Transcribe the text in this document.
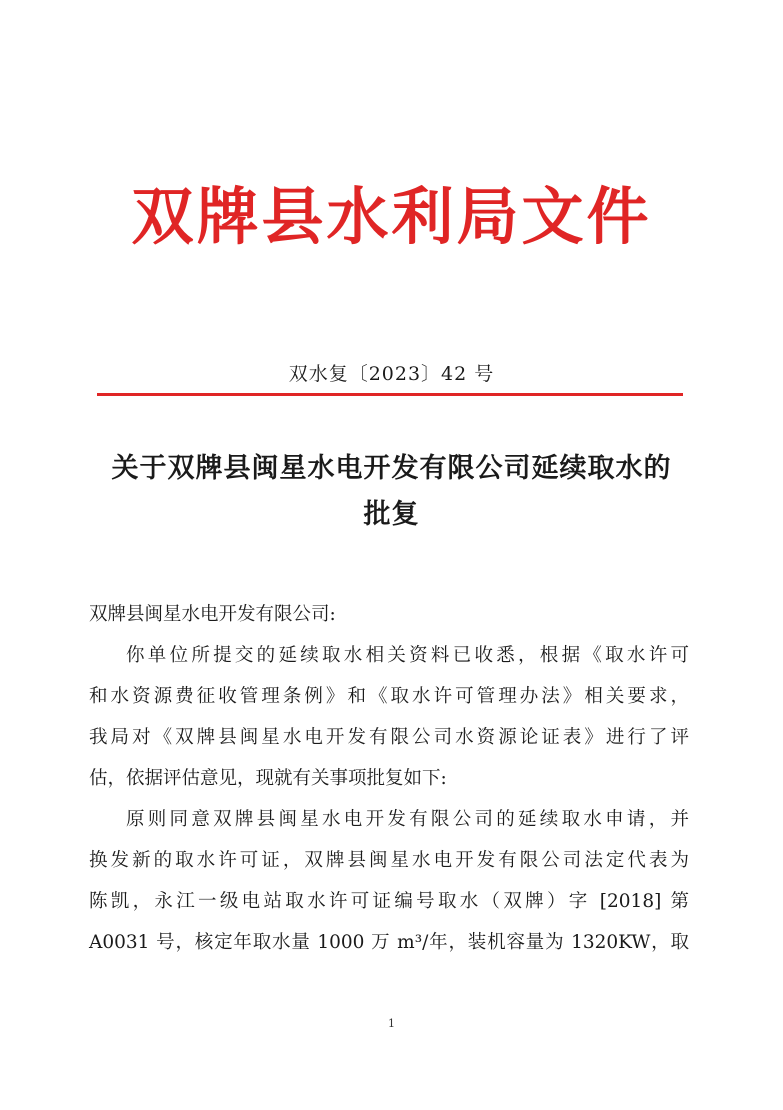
双牌县水利局文件
双水复〔2023〕42 号
关于双牌县闽星水电开发有限公司延续取水的
批复
双牌县闽星水电开发有限公司:
你单位所提交的延续取水相关资料已收悉，根据《取水许可
和水资源费征收管理条例》和《取水许可管理办法》相关要求，
我局对《双牌县闽星水电开发有限公司水资源论证表》进行了评
估，依据评估意见，现就有关事项批复如下:
原则同意双牌县闽星水电开发有限公司的延续取水申请，并
换发新的取水许可证，双牌县闽星水电开发有限公司法定代表为
陈凯，永江一级电站取水许可证编号取水（双牌）字 [2018] 第
A0031 号，核定年取水量 1000 万 m³/年，装机容量为 1320KW，取
1
